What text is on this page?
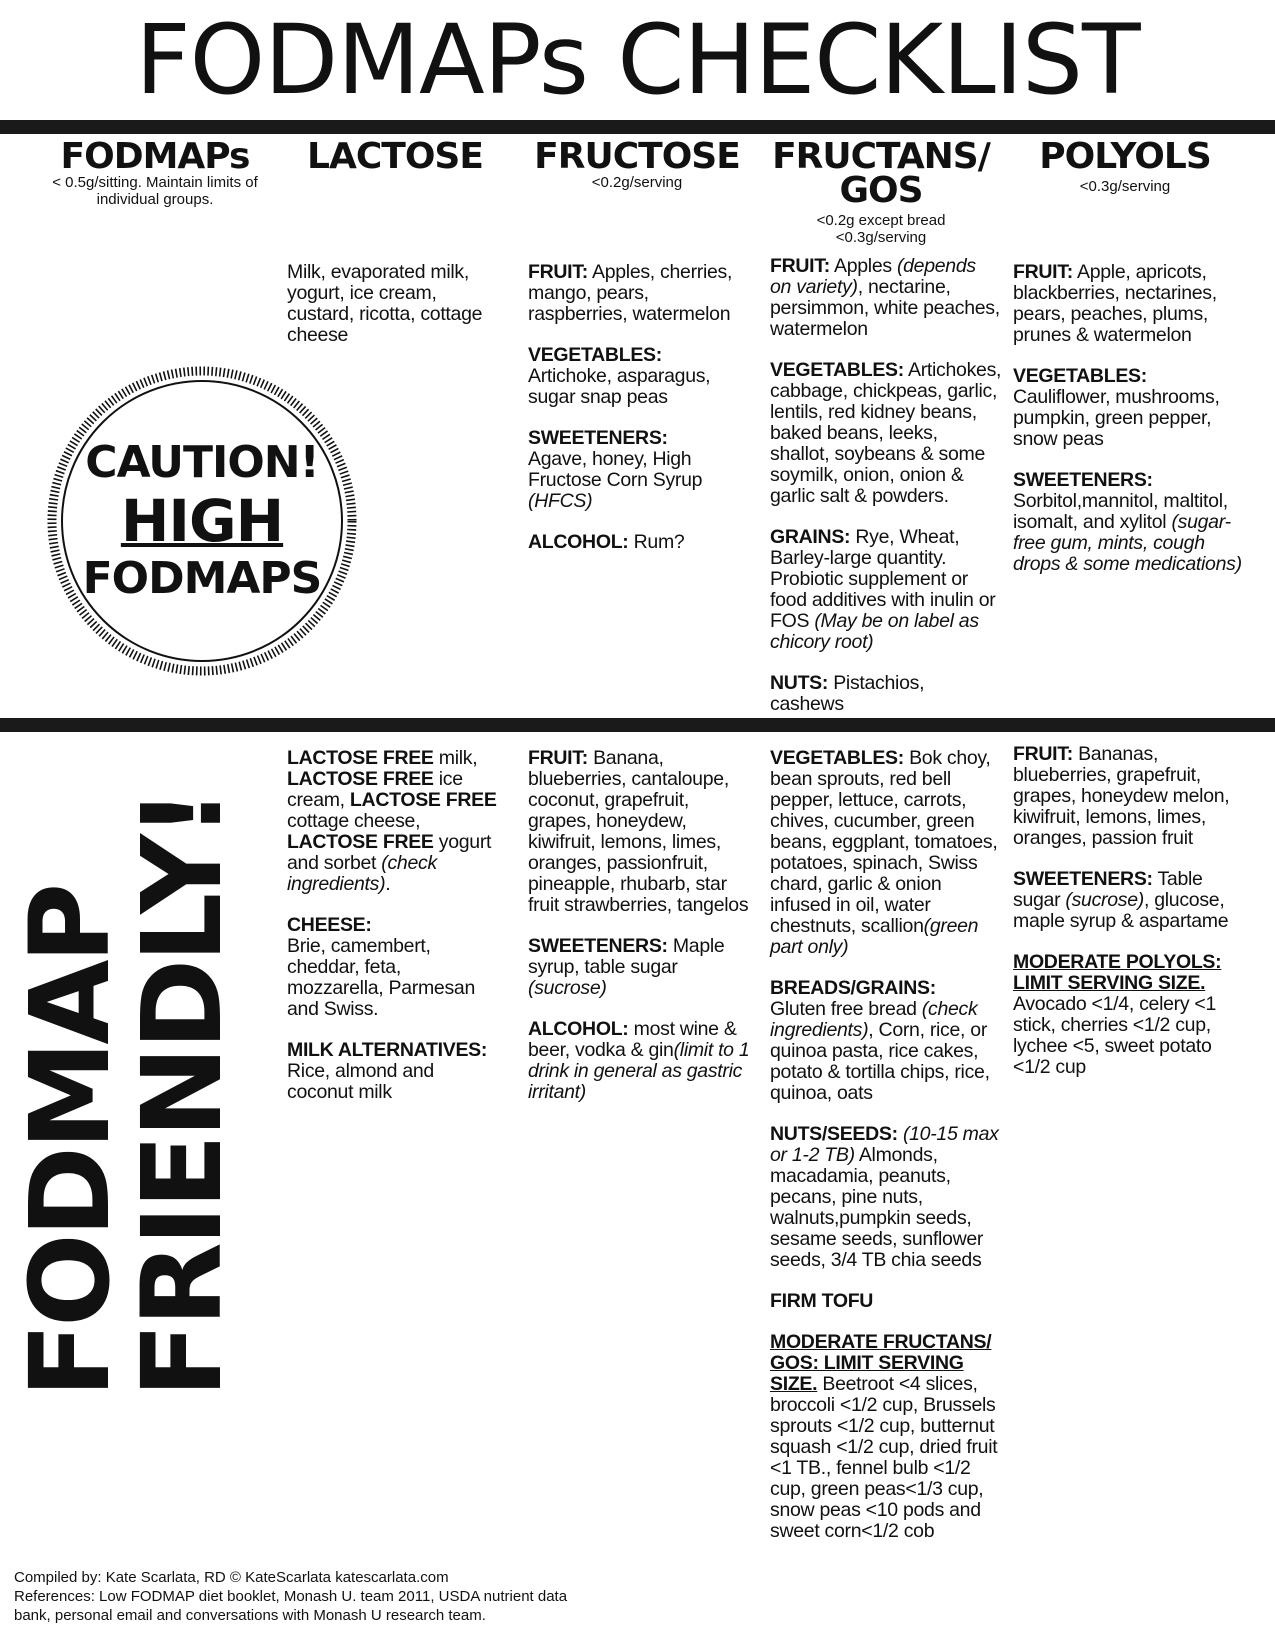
FODMAPs CHECKLIST
FODMAPs
< 0.5g/sitting. Maintain limits of individual groups.
LACTOSE	FRUCTOSE
<0.2g/serving
FRUCTANS/ GOS
<0.2g except bread <0.3g/serving
POLYOLS
<0.3g/serving
CAUTION!
HIGH
FODMAPS

Milk, evaporated milk, yogurt, ice cream, custard, ricotta, cottage cheese

FRUIT: Apples, cherries, mango, pears, raspberries, watermelon

VEGETABLES:
Artichoke, asparagus, sugar snap peas

SWEETENERS:
Agave, honey, High Fructose Corn Syrup (HFCS)

ALCOHOL: Rum?

FRUIT: Apples (depends on variety), nectarine, persimmon, white peaches, watermelon

VEGETABLES: Artichokes, cabbage, chickpeas, garlic, lentils, red kidney beans, baked beans, leeks, shallot, soybeans & some soymilk, onion, onion & garlic salt & powders.

GRAINS: Rye, Wheat, Barley-large quantity. Probiotic supplement or food additives with inulin or FOS (May be on label as chicory root)

NUTS: Pistachios, cashews

FRUIT: Apple, apricots, blackberries, nectarines, pears, peaches, plums, prunes & watermelon

VEGETABLES:
Cauliflower, mushrooms, pumpkin, green pepper, snow peas

SWEETENERS:
Sorbitol,mannitol, maltitol, isomalt, and xylitol (sugar-free gum, mints, cough drops & some medications)

FODMAP
FRIENDLY!

LACTOSE FREE milk, LACTOSE FREE ice cream, LACTOSE FREE cottage cheese, LACTOSE FREE yogurt and sorbet (check ingredients).

CHEESE:
Brie, camembert, cheddar, feta, mozzarella, Parmesan and Swiss.

MILK ALTERNATIVES:
Rice, almond and coconut milk

FRUIT: Banana, blueberries, cantaloupe, coconut, grapefruit, grapes, honeydew, kiwifruit, lemons, limes, oranges, passionfruit, pineapple, rhubarb, star fruit strawberries, tangelos

SWEETENERS: Maple syrup, table sugar (sucrose)

ALCOHOL: most wine & beer, vodka & gin(limit to 1 drink in general as gastric irritant)

VEGETABLES: Bok choy, bean sprouts, red bell pepper, lettuce, carrots, chives, cucumber, green beans, eggplant, tomatoes, potatoes, spinach, Swiss chard, garlic & onion infused in oil, water chestnuts, scallion(green part only)

BREADS/GRAINS:
Gluten free bread (check ingredients), Corn, rice, or quinoa pasta, rice cakes, potato & tortilla chips, rice, quinoa, oats

NUTS/SEEDS: (10-15 max or 1-2 TB) Almonds, macadamia, peanuts, pecans, pine nuts, walnuts,pumpkin seeds, sesame seeds, sunflower seeds, 3/4 TB chia seeds

FIRM TOFU

MODERATE FRUCTANS/ GOS: LIMIT SERVING SIZE. Beetroot <4 slices, broccoli <1/2 cup, Brussels sprouts <1/2 cup, butternut squash <1/2 cup, dried fruit <1 TB., fennel bulb <1/2 cup, green peas<1/3 cup, snow peas <10 pods and sweet corn<1/2 cob

FRUIT: Bananas, blueberries, grapefruit, grapes, honeydew melon, kiwifruit, lemons, limes, oranges, passion fruit

SWEETENERS: Table sugar (sucrose), glucose, maple syrup & aspartame

MODERATE POLYOLS: LIMIT SERVING SIZE.
Avocado <1/4, celery <1 stick, cherries <1/2 cup, lychee <5, sweet potato <1/2 cup

Compiled by: Kate Scarlata, RD © KateScarlata katescarlata.com
References: Low FODMAP diet booklet, Monash U. team 2011, USDA nutrient data
bank, personal email and conversations with Monash U research team.
